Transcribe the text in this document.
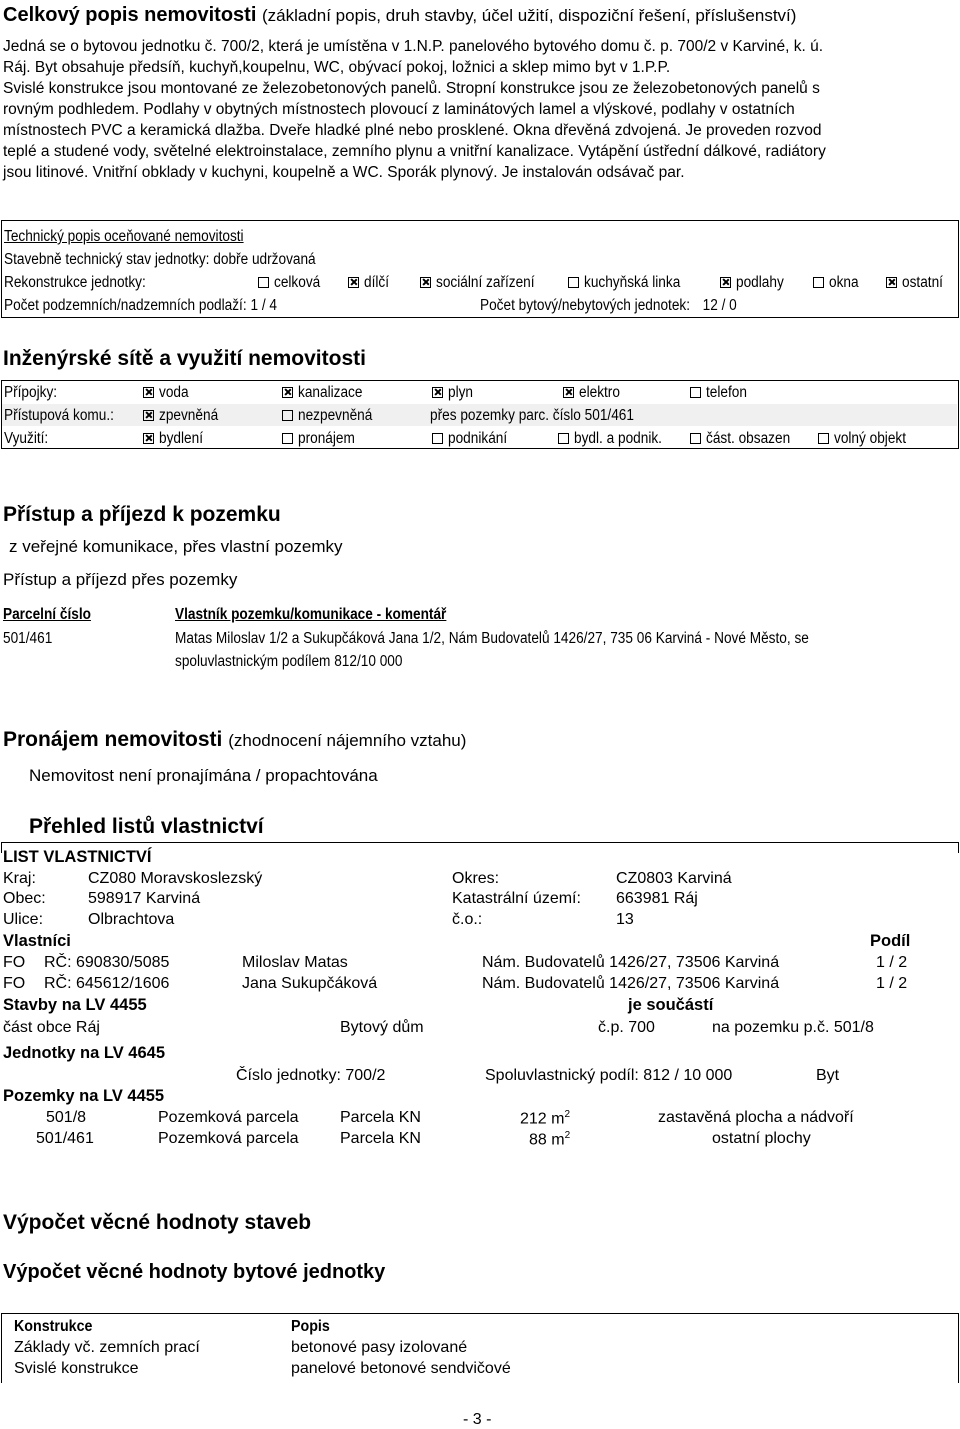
Celkový popis nemovitosti (základní popis, druh stavby, účel užití, dispoziční řešení, příslušenství)
Jedná se o bytovou jednotku č. 700/2, která je umístěna v 1.N.P. panelového bytového domu č. p. 700/2 v Karviné, k. ú.
Ráj. Byt obsahuje předsíň, kuchyň,koupelnu, WC, obývací pokoj, ložnici a sklep mimo byt v 1.P.P.
Svislé konstrukce jsou montované ze železobetonových panelů. Stropní konstrukce jsou ze železobetonových panelů s
rovným podhledem. Podlahy v obytných místnostech plovoucí z laminátových lamel a vlýskové, podlahy v ostatních
místnostech PVC a keramická dlažba. Dveře hladké plné nebo prosklené. Okna dřevěná zdvojená. Je proveden rozvod
teplé a studené vody, světelné elektroinstalace, zemního plynu a vnitřní kanalizace. Vytápění ústřední dálkové, radiátory
jsou litinové. Vnitřní obklady v kuchyni, koupelně a WC. Sporák plynový. Je instalován odsávač par.
Technický popis oceňované nemovitosti
Stavebně technický stav jednotky: dobře udržovaná
Rekonstrukce jednotky:	celková	dílčí	sociální zařízení	kuchyňská linka	podlahy	okna	ostatní
Počet podzemních/nadzemních podlaží: 1 / 4	Počet bytový/nebytových jednotek: 12 / 0
Inženýrské sítě a využití nemovitosti
Přípojky:	voda	kanalizace	plyn	elektro	telefon
Přístupová komu.:	zpevněná	nezpevněná	přes pozemky parc. číslo 501/461
Využití:	bydlení	pronájem	podnikání	bydl. a podnik.	část. obsazen	volný objekt
Přístup a příjezd k pozemku
z veřejné komunikace, přes vlastní pozemky
Přístup a příjezd přes pozemky
Parcelní číslo	Vlastník pozemku/komunikace - komentář
501/461	Matas Miloslav 1/2 a Sukupčáková Jana 1/2, Nám Budovatelů 1426/27, 735 06 Karviná - Nové Město, se
spoluvlastnickým podílem 812/10 000
Pronájem nemovitosti (zhodnocení nájemního vztahu)
Nemovitost není pronajímána / propachtována
Přehled listů vlastnictví
LIST VLASTNICTVÍ
Kraj:	CZ080 Moravskoslezský	Okres:	CZ0803 Karviná
Obec:	598917 Karviná	Katastrální území: 663981 Ráj
Ulice:	Olbrachtova	č.o.:	13
Vlastníci	Podíl
FO RČ: 690830/5085	Miloslav Matas	Nám. Budovatelů 1426/27, 73506 Karviná	1 / 2
FO RČ: 645612/1606	Jana Sukupčáková	Nám. Budovatelů 1426/27, 73506 Karviná	1 / 2
Stavby na LV 4455	je součástí
část obce Ráj	Bytový dům	č.p. 700	na pozemku p.č. 501/8
Jednotky na LV 4645
Číslo jednotky: 700/2	Spoluvlastnický podíl: 812 / 10 000	Byt
Pozemky na LV 4455
501/8	Pozemková parcela	Parcela KN	212 $m^2$	zastavěná plocha a nádvoří
501/461	Pozemková parcela	Parcela KN	88 $m^2$	ostatní plochy
Výpočet věcné hodnoty staveb
Výpočet věcné hodnoty bytové jednotky
Konstrukce	Popis
Základy vč. zemních prací	betonové pasy izolované
Svislé konstrukce	panelové betonové sendvičové
- 3 -
